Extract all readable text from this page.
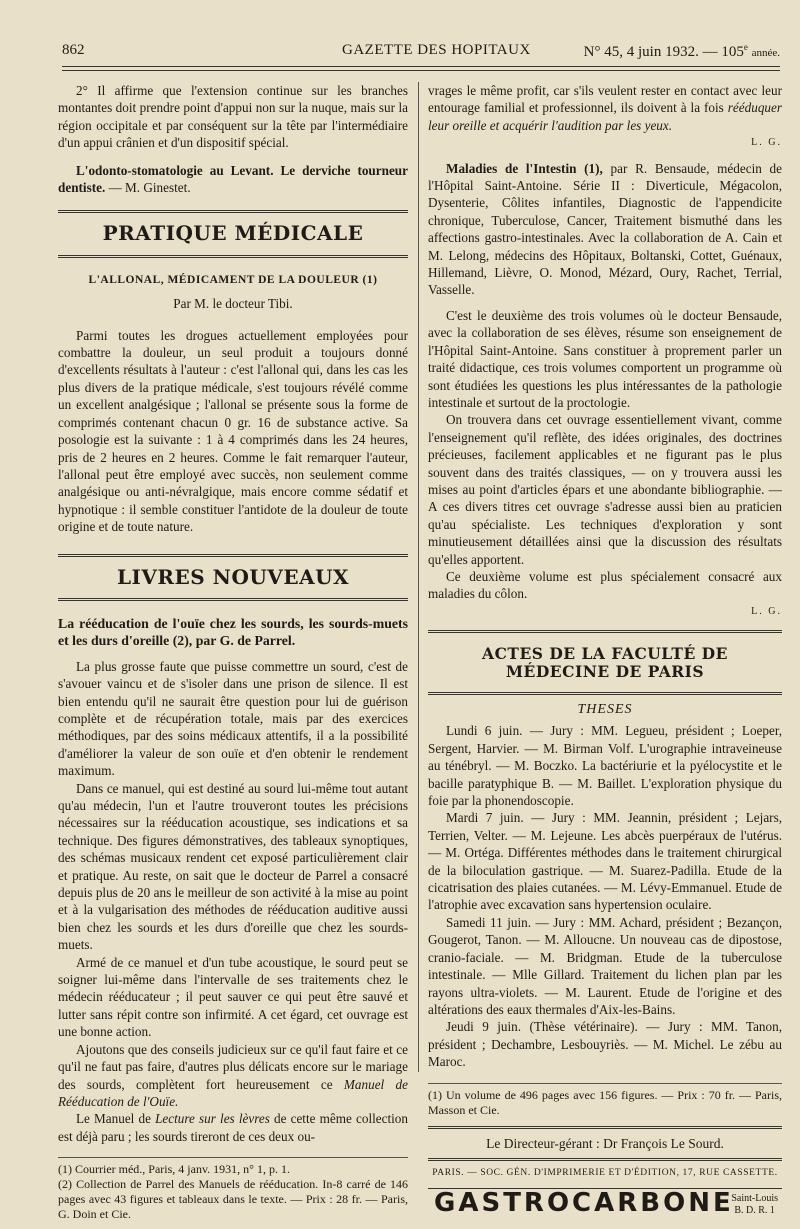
862	GAZETTE DES HOPITAUX	N° 45, 4 juin 1932. — 105e année.

2° Il affirme que l'extension continue sur les branches montantes doit prendre point d'appui non sur la nuque, mais sur la région occipitale et par conséquent sur la tête par l'intermédiaire d'un appui crânien et d'un dispositif spécial.

L'odonto-stomatologie au Levant. Le derviche tourneur dentiste. — M. Ginestet.

PRATIQUE MÉDICALE
L'ALLONAL, MÉDICAMENT DE LA DOULEUR (1)

Par M. le docteur Tibi.

Parmi toutes les drogues actuellement employées pour combattre la douleur, un seul produit a toujours donné d'excellents résultats à l'auteur : c'est l'allonal qui, dans les cas les plus divers de la pratique médicale, s'est toujours révélé comme un excellent analgésique ; l'allonal se présente sous la forme de comprimés contenant chacun 0 gr. 16 de substance active. Sa posologie est la suivante : 1 à 4 comprimés dans les 24 heures, pris de 2 heures en 2 heures. Comme le fait remarquer l'auteur, l'allonal peut être employé avec succès, non seulement comme analgésique ou anti-névralgique, mais encore comme sédatif et hypnotique : il semble constituer l'antidote de la douleur de toute origine et de toute nature.

LIVRES NOUVEAUX

La rééducation de l'ouïe chez les sourds, les sourds-muets et les durs d'oreille (2), par G. de Parrel.

La plus grosse faute que puisse commettre un sourd, c'est de s'avouer vaincu et de s'isoler dans une prison de silence. Il est bien entendu qu'il ne saurait être question pour lui de guérison complète et de récupération totale, mais par des exercices méthodiques, par des soins médicaux attentifs, il a la possibilité d'améliorer la valeur de son ouïe et d'en obtenir le rendement maximum.

Dans ce manuel, qui est destiné au sourd lui-même tout autant qu'au médecin, l'un et l'autre trouveront toutes les précisions nécessaires sur la rééducation acoustique, ses indications et sa technique. Des figures démonstratives, des tableaux synoptiques, des schémas musicaux rendent cet exposé particulièrement clair et pratique. Au reste, on sait que le docteur de Parrel a consacré depuis plus de 20 ans le meilleur de son activité à la mise au point et à la vulgarisation des méthodes de rééducation auditive aussi bien chez les sourds et les durs d'oreille que chez les sourds-muets.

Armé de ce manuel et d'un tube acoustique, le sourd peut se soigner lui-même dans l'intervalle de ses traitements chez le médecin rééducateur ; il peut sauver ce qui peut être sauvé et lutter sans répit contre son infirmité. A cet égard, cet ouvrage est une bonne action.

Ajoutons que des conseils judicieux sur ce qu'il faut faire et ce qu'il ne faut pas faire, d'autres plus délicats encore sur le mariage des sourds, complètent fort heureusement ce Manuel de Rééducation de l'Ouïe.

Le Manuel de Lecture sur les lèvres de cette même collection est déjà paru ; les sourds tireront de ces deux ou-

(1) Courrier méd., Paris, 4 janv. 1931, n° 1, p. 1.

(2) Collection de Parrel des Manuels de rééducation. In-8 carré de 146 pages avec 43 figures et tableaux dans le texte. — Prix : 28 fr. — Paris, G. Doin et Cie.

vrages le même profit, car s'ils veulent rester en contact avec leur entourage familial et professionnel, ils doivent à la fois rééduquer leur oreille et acquérir l'audition par les yeux.

L. G.

Maladies de l'Intestin (1), par R. Bensaude, médecin de l'Hôpital Saint-Antoine. Série II : Diverticule, Mégacolon, Dysenterie, Côlites infantiles, Diagnostic de l'appendicite chronique, Tuberculose, Cancer, Traitement bismuthé dans les affections gastro-intestinales. Avec la collaboration de A. Cain et M. Lelong, médecins des Hôpitaux, Boltanski, Cottet, Guénaux, Hillemand, Lièvre, O. Monod, Mézard, Oury, Rachet, Terrial, Vasselle.

C'est le deuxième des trois volumes où le docteur Bensaude, avec la collaboration de ses élèves, résume son enseignement de l'Hôpital Saint-Antoine. Sans constituer à proprement parler un traité didactique, ces trois volumes comportent un programme où sont étudiées les questions les plus intéressantes de la pathologie intestinale et surtout de la proctologie.

On trouvera dans cet ouvrage essentiellement vivant, comme l'enseignement qu'il reflète, des idées originales, des doctrines précieuses, facilement applicables et ne figurant pas le plus souvent dans des traités classiques, — on y trouvera aussi les mises au point d'articles épars et une abondante bibliographie. — A ces divers titres cet ouvrage s'adresse aussi bien au praticien qu'au spécialiste. Les techniques d'exploration y sont minutieusement détaillées ainsi que la discussion des résultats qu'elles apportent.

Ce deuxième volume est plus spécialement consacré aux maladies du côlon.

L. G.

ACTES DE LA FACULTÉ DE MÉDECINE DE PARIS
THESES

Lundi 6 juin. — Jury : MM. Legueu, président ; Loeper, Sergent, Harvier. — M. Birman Volf. L'urographie intraveineuse au ténébryl. — M. Boczko. La bactériurie et la pyélocystite et le bacille paratyphique B. — M. Baillet. L'exploration physique du foie par la phonendoscopie.

Mardi 7 juin. — Jury : MM. Jeannin, président ; Lejars, Terrien, Velter. — M. Lejeune. Les abcès puerpéraux de l'utérus. — M. Ortéga. Différentes méthodes dans le traitement chirurgical de la biloculation gastrique. — M. Suarez-Padilla. Etude de la cicatrisation des plaies cutanées. — M. Lévy-Emmanuel. Etude de l'atrophie avec excavation sans hypertension oculaire.

Samedi 11 juin. — Jury : MM. Achard, président ; Bezançon, Gougerot, Tanon. — M. Alloucne. Un nouveau cas de dipostose, cranio-faciale. — M. Bridgman. Etude de la tuberculose intestinale. — Mlle Gillard. Traitement du lichen plan par les rayons ultra-violets. — M. Laurent. Etude de l'origine et des altérations des eaux thermales d'Aix-les-Bains.

Jeudi 9 juin. (Thèse vétérinaire). — Jury : MM. Tanon, président ; Dechambre, Lesbouyriès. — M. Michel. Le zébu au Maroc.

(1) Un volume de 496 pages avec 156 figures. — Prix : 70 fr. — Paris, Masson et Cie.

Le Directeur-gérant : Dr François Le Sourd.
PARIS. — SOC. GÉN. D'IMPRIMERIE ET D'ÉDITION, 17, RUE CASSETTE.
GASTROCARBONE
Saint-Louis
B. D. R. 1
